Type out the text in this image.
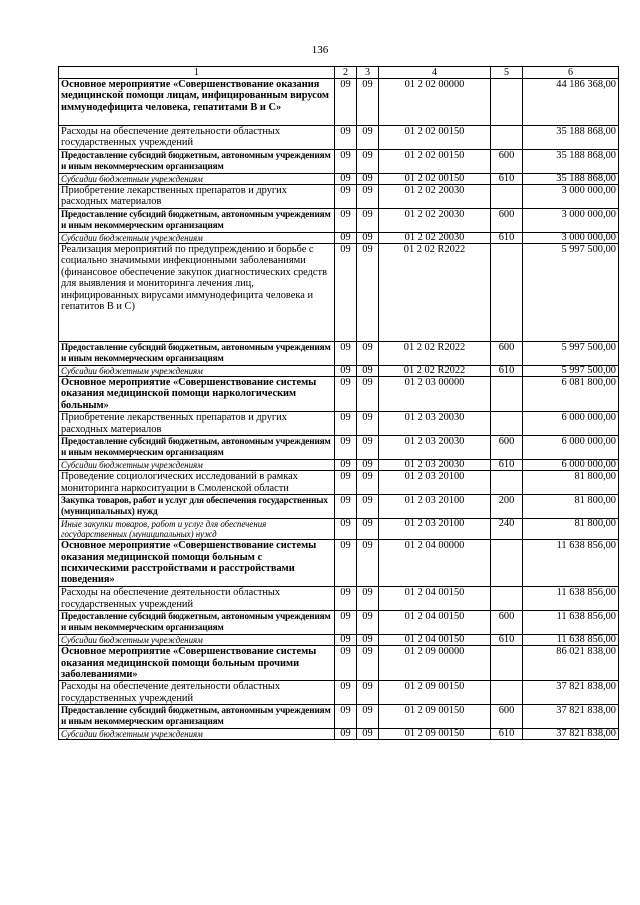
136
1	2	3	4	5	6
Основное мероприятие «Совершенствование оказания медицинской помощи лицам, инфицированным вирусом иммунодефицита человека, гепатитами В и С»	09	09	01 2 02 00000		44 186 368,00
Расходы на обеспечение деятельности областных государственных учреждений	09	09	01 2 02 00150		35 188 868,00
Предоставление субсидий бюджетным, автономным учреждениям и иным некоммерческим организациям	09	09	01 2 02 00150	600	35 188 868,00
Субсидии бюджетным учреждениям	09	09	01 2 02 00150	610	35 188 868,00
Приобретение лекарственных препаратов и других расходных материалов	09	09	01 2 02 20030		3 000 000,00
Предоставление субсидий бюджетным, автономным учреждениям и иным некоммерческим организациям	09	09	01 2 02 20030	600	3 000 000,00
Субсидии бюджетным учреждениям	09	09	01 2 02 20030	610	3 000 000,00
Реализация мероприятий по предупреждению и борьбе с социально значимыми инфекционными заболеваниями (финансовое обеспечение закупок диагностических средств для выявления и мониторинга лечения лиц, инфицированных вирусами иммунодефицита человека и гепатитов В и С)	09	09	01 2 02 R2022		5 997 500,00
Предоставление субсидий бюджетным, автономным учреждениям и иным некоммерческим организациям	09	09	01 2 02 R2022	600	5 997 500,00
Субсидии бюджетным учреждениям	09	09	01 2 02 R2022	610	5 997 500,00
Основное мероприятие «Совершенствование системы оказания медицинской помощи наркологическим больным»	09	09	01 2 03 00000		6 081 800,00
Приобретение лекарственных препаратов и других расходных материалов	09	09	01 2 03 20030		6 000 000,00
Предоставление субсидий бюджетным, автономным учреждениям и иным некоммерческим организациям	09	09	01 2 03 20030	600	6 000 000,00
Субсидии бюджетным учреждениям	09	09	01 2 03 20030	610	6 000 000,00
Проведение социологических исследований в рамках мониторинга наркоситуации в Смоленской области	09	09	01 2 03 20100		81 800,00
Закупка товаров, работ и услуг для обеспечения государственных (муниципальных) нужд	09	09	01 2 03 20100	200	81 800,00
Иные закупки товаров, работ и услуг для обеспечения государственных (муниципальных) нужд	09	09	01 2 03 20100	240	81 800,00
Основное мероприятие «Совершенствование системы оказания медицинской помощи больным с психическими расстройствами и расстройствами поведения»	09	09	01 2 04 00000		11 638 856,00
Расходы на обеспечение деятельности областных государственных учреждений	09	09	01 2 04 00150		11 638 856,00
Предоставление субсидий бюджетным, автономным учреждениям и иным некоммерческим организациям	09	09	01 2 04 00150	600	11 638 856,00
Субсидии бюджетным учреждениям	09	09	01 2 04 00150	610	11 638 856,00
Основное мероприятие «Совершенствование системы оказания медицинской помощи больным прочими заболеваниями»	09	09	01 2 09 00000		86 021 838,00
Расходы на обеспечение деятельности областных государственных учреждений	09	09	01 2 09 00150		37 821 838,00
Предоставление субсидий бюджетным, автономным учреждениям и иным некоммерческим организациям	09	09	01 2 09 00150	600	37 821 838,00
Субсидии бюджетным учреждениям	09	09	01 2 09 00150	610	37 821 838,00
